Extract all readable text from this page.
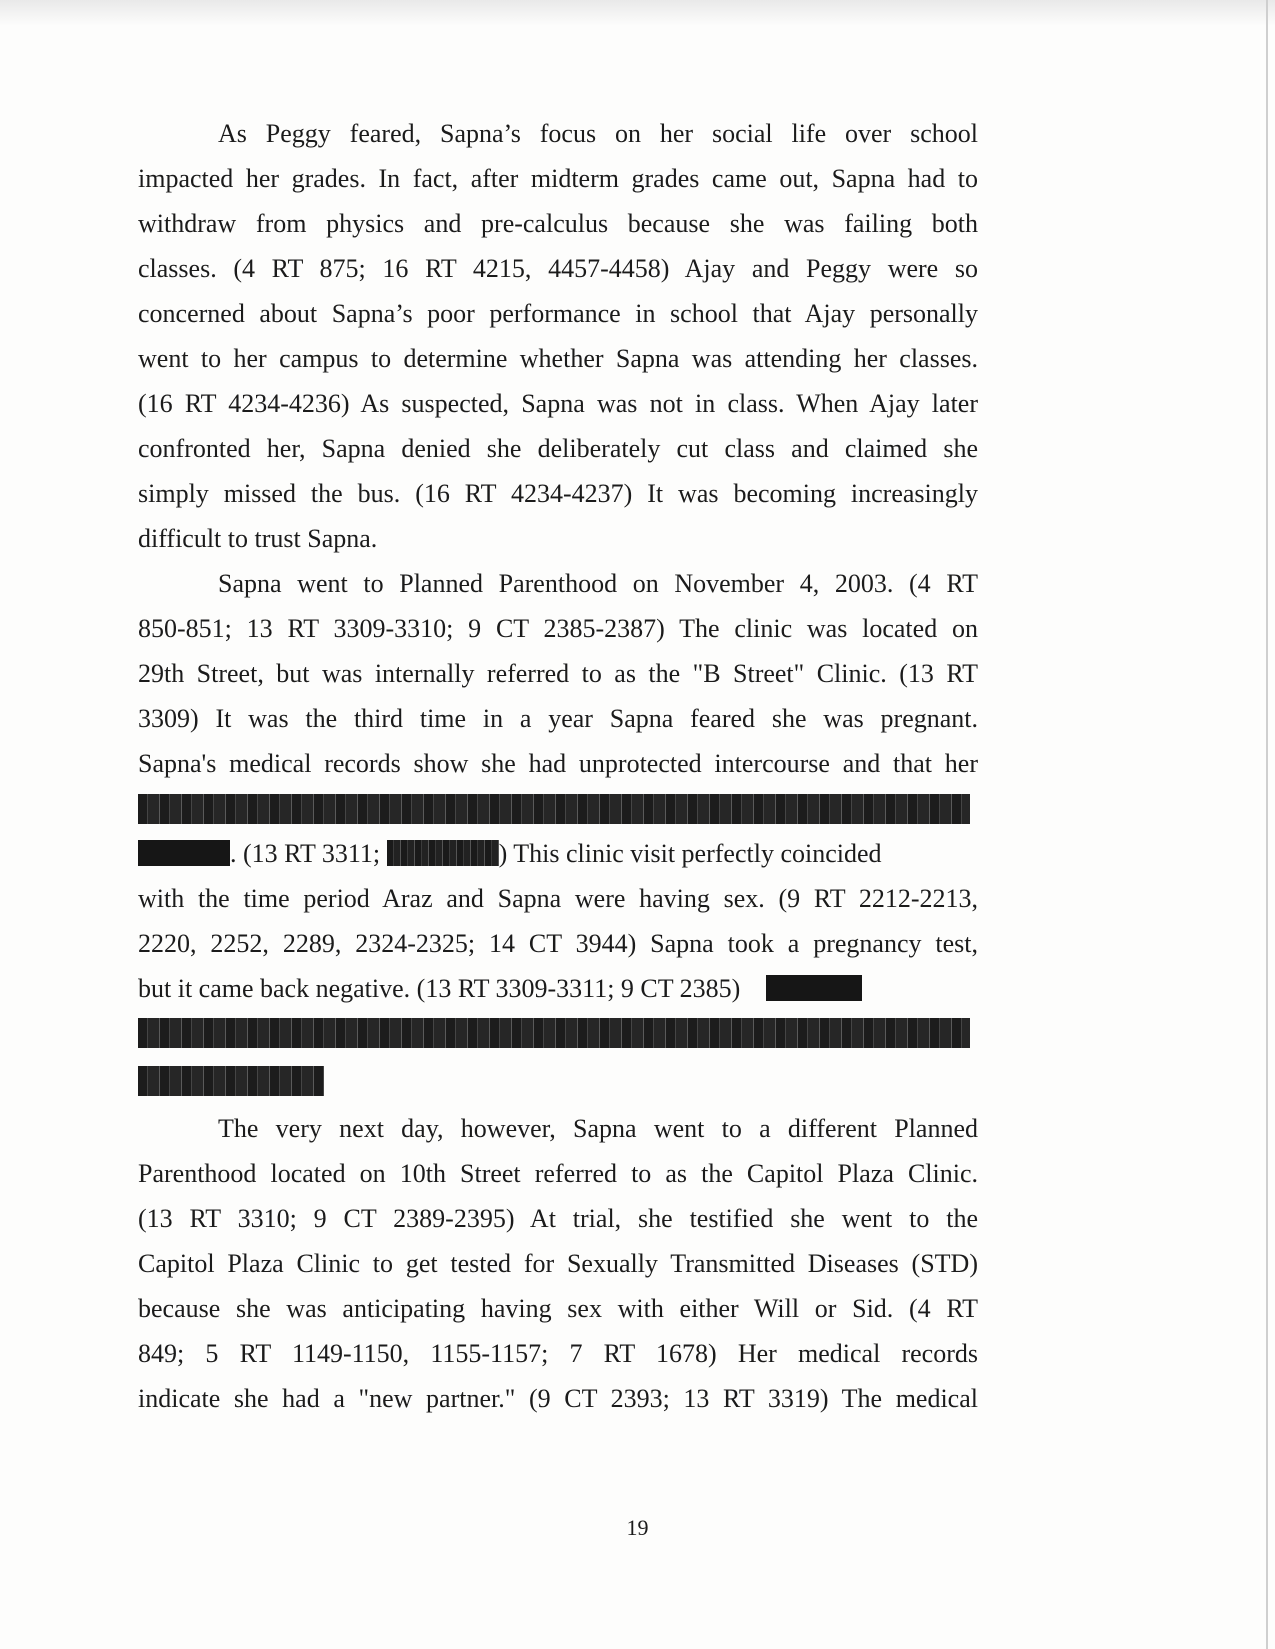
As Peggy feared, Sapna’s focus on her social life over school
impacted her grades. In fact, after midterm grades came out, Sapna had to
withdraw from physics and pre-calculus because she was failing both
classes. (4 RT 875; 16 RT 4215, 4457-4458) Ajay and Peggy were so
concerned about Sapna’s poor performance in school that Ajay personally
went to her campus to determine whether Sapna was attending her classes.
(16 RT 4234-4236) As suspected, Sapna was not in class. When Ajay later
confronted her, Sapna denied she deliberately cut class and claimed she
simply missed the bus. (16 RT 4234-4237) It was becoming increasingly
difficult to trust Sapna.
Sapna went to Planned Parenthood on November 4, 2003. (4 RT
850-851; 13 RT 3309-3310; 9 CT 2385-2387) The clinic was located on
29th Street, but was internally referred to as the "B Street" Clinic. (13 RT
3309) It was the third time in a year Sapna feared she was pregnant.
Sapna's medical records show she had unprotected intercourse and that her
. (13 RT 3311;	) This clinic visit perfectly coincided
with the time period Araz and Sapna were having sex. (9 RT 2212-2213,
2220, 2252, 2289, 2324-2325; 14 CT 3944) Sapna took a pregnancy test,
but it came back negative. (13 RT 3309-3311; 9 CT 2385)
The very next day, however, Sapna went to a different Planned
Parenthood located on 10th Street referred to as the Capitol Plaza Clinic.
(13 RT 3310; 9 CT 2389-2395) At trial, she testified she went to the
Capitol Plaza Clinic to get tested for Sexually Transmitted Diseases (STD)
because she was anticipating having sex with either Will or Sid. (4 RT
849; 5 RT 1149-1150, 1155-1157; 7 RT 1678) Her medical records
indicate she had a "new partner." (9 CT 2393; 13 RT 3319) The medical
19
